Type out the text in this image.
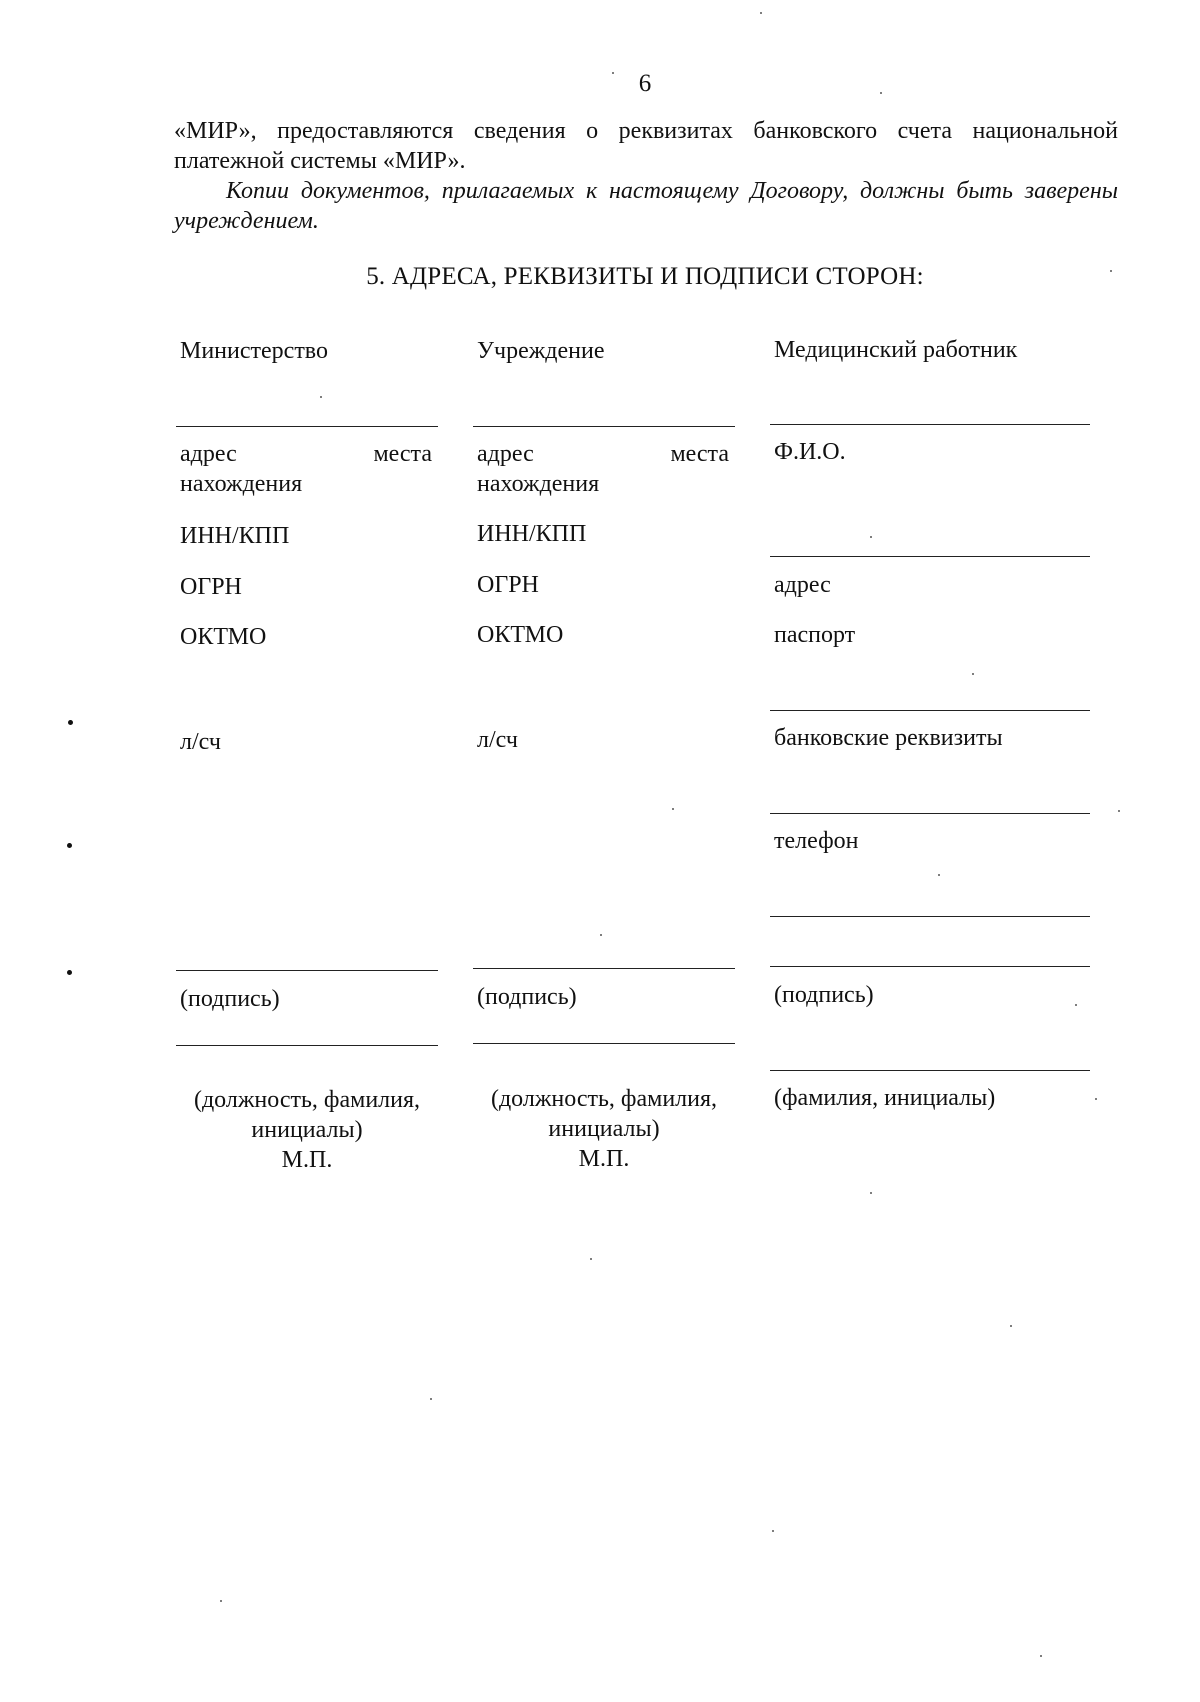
6
«МИР», предоставляются сведения о реквизитах банковского счета национальной платежной системы «МИР».
Копии документов, прилагаемых к настоящему Договору, должны быть заверены учреждением.
5. АДРЕСА, РЕКВИЗИТЫ И ПОДПИСИ СТОРОН:
Министерство
адрес	места
нахождения
ИНН/КПП
ОГРН
ОКТМО
л/сч
(подпись)
(должность, фамилия,
инициалы)
М.П.
Учреждение
адрес	места
нахождения
ИНН/КПП
ОГРН
ОКТМО
л/сч
(подпись)
(должность, фамилия,
инициалы)
М.П.
Медицинский работник
Ф.И.О.
адрес
паспорт
банковские реквизиты
телефон
(подпись)
(фамилия, инициалы)
